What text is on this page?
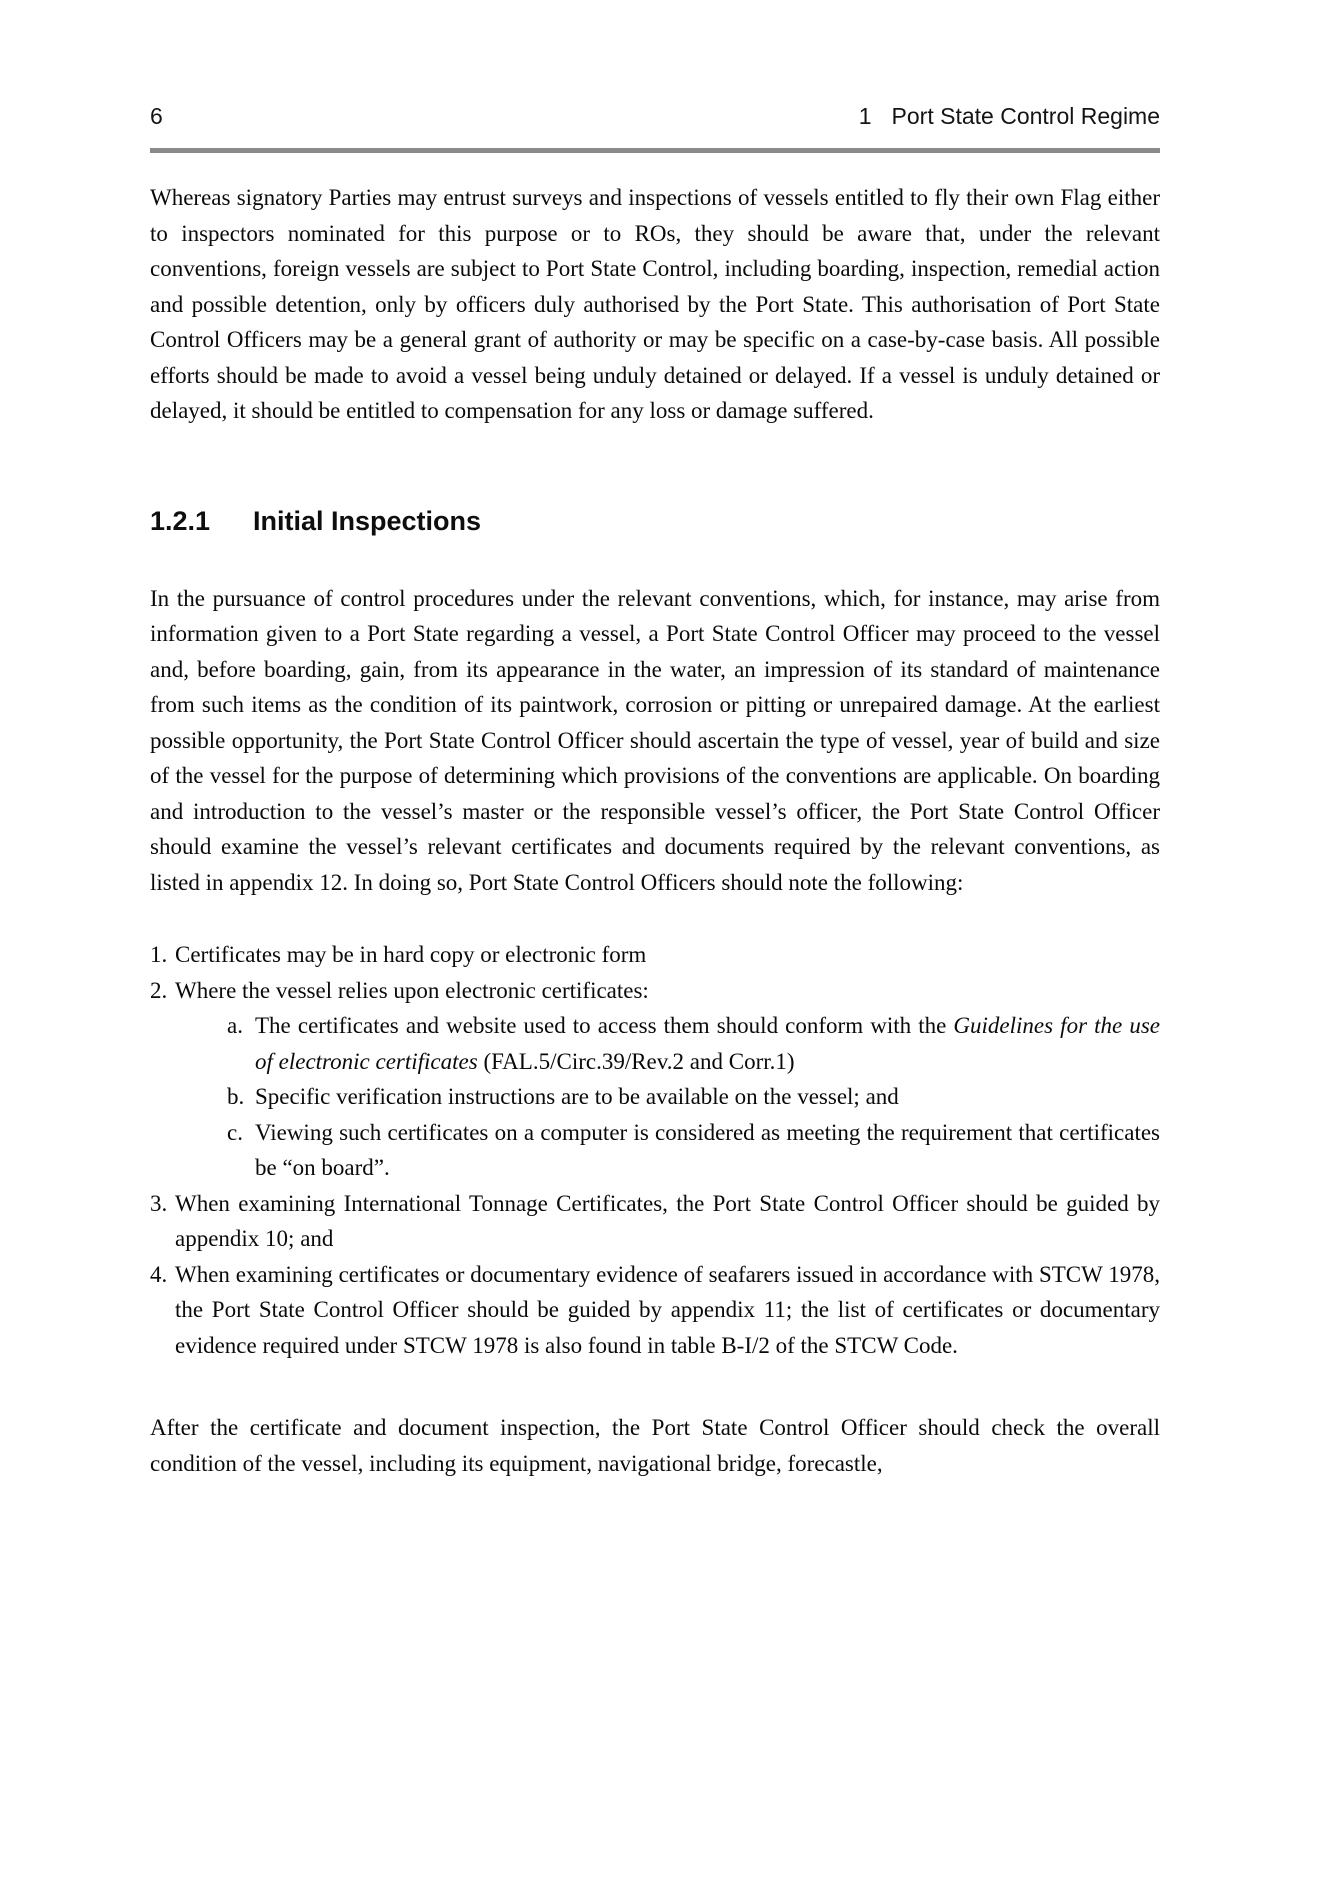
6	1 Port State Control Regime

Whereas signatory Parties may entrust surveys and inspections of vessels entitled to fly their own Flag either to inspectors nominated for this purpose or to ROs, they should be aware that, under the relevant conventions, foreign vessels are subject to Port State Control, including boarding, inspection, remedial action and possible detention, only by officers duly authorised by the Port State. This authorisation of Port State Control Officers may be a general grant of authority or may be specific on a case-by-case basis. All possible efforts should be made to avoid a vessel being unduly detained or delayed. If a vessel is unduly detained or delayed, it should be entitled to compensation for any loss or damage suffered.

1.2.1	Initial Inspections

In the pursuance of control procedures under the relevant conventions, which, for instance, may arise from information given to a Port State regarding a vessel, a Port State Control Officer may proceed to the vessel and, before boarding, gain, from its appearance in the water, an impression of its standard of maintenance from such items as the condition of its paintwork, corrosion or pitting or unrepaired damage. At the earliest possible opportunity, the Port State Control Officer should ascertain the type of vessel, year of build and size of the vessel for the purpose of determining which provisions of the conventions are applicable. On boarding and introduction to the vessel’s master or the responsible vessel’s officer, the Port State Control Officer should examine the vessel’s relevant certificates and documents required by the relevant conventions, as listed in appendix 12. In doing so, Port State Control Officers should note the following:

1. Certificates may be in hard copy or electronic form
2. Where the vessel relies upon electronic certificates:
a. The certificates and website used to access them should conform with the Guidelines for the use of electronic certificates (FAL.5/Circ.39/Rev.2 and Corr.1)
b. Specific verification instructions are to be available on the vessel; and
c. Viewing such certificates on a computer is considered as meeting the requirement that certificates be “on board”.
3. When examining International Tonnage Certificates, the Port State Control Officer should be guided by appendix 10; and
4. When examining certificates or documentary evidence of seafarers issued in accordance with STCW 1978, the Port State Control Officer should be guided by appendix 11; the list of certificates or documentary evidence required under STCW 1978 is also found in table B-I/2 of the STCW Code.

After the certificate and document inspection, the Port State Control Officer should check the overall condition of the vessel, including its equipment, navigational bridge, forecastle,
